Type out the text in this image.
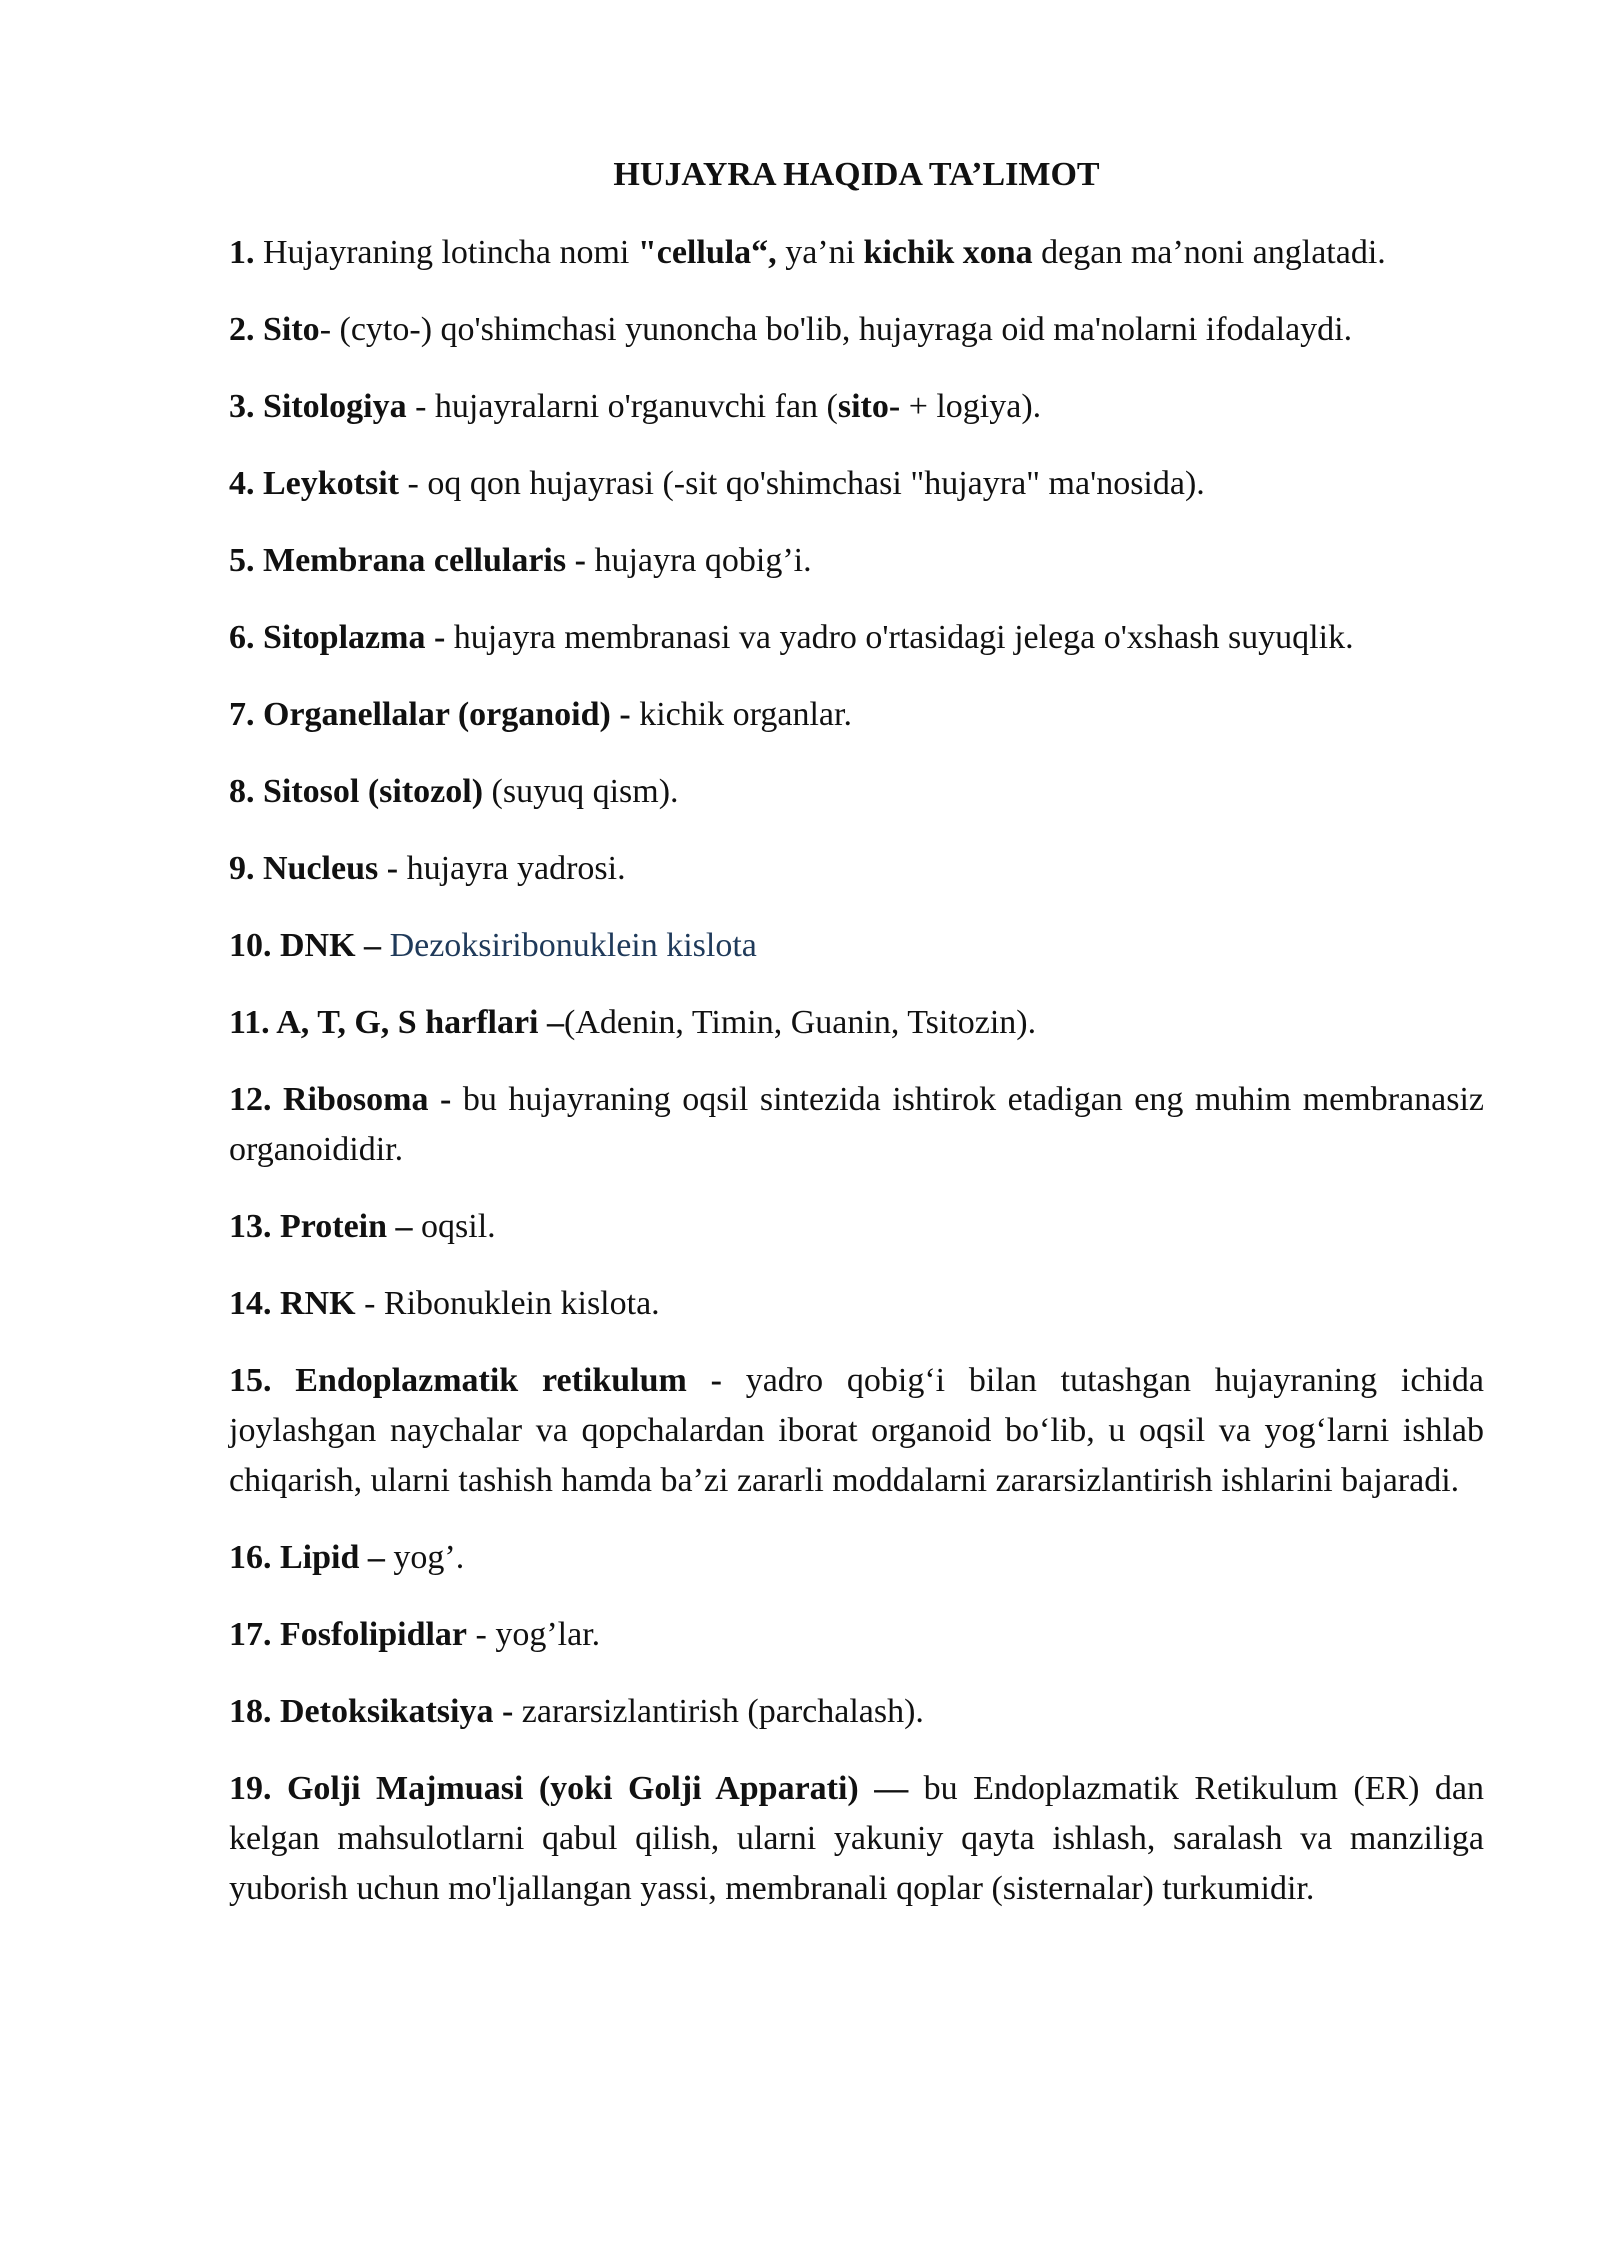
HUJAYRA HAQIDA TA’LIMOT

1. Hujayraning lotincha nomi "cellula“, ya’ni kichik xona degan ma’noni anglatadi.

2. Sito- (cyto-) qo'shimchasi yunoncha bo'lib, hujayraga oid ma'nolarni ifodalaydi.

3. Sitologiya - hujayralarni o'rganuvchi fan (sito- + logiya).

4. Leykotsit - oq qon hujayrasi (-sit qo'shimchasi "hujayra" ma'nosida).

5. Membrana cellularis - hujayra qobig’i.

6. Sitoplazma - hujayra membranasi va yadro o'rtasidagi jelega o'xshash suyuqlik.

7. Organellalar (organoid) - kichik organlar.

8. Sitosol (sitozol) (suyuq qism).

9. Nucleus - hujayra yadrosi.

10. DNK – Dezoksiribonuklein kislota

11. A, T, G, S harflari –(Adenin, Timin, Guanin, Tsitozin).

12. Ribosoma - bu hujayraning oqsil sintezida ishtirok etadigan eng muhim membranasiz organoididir.

13. Protein – oqsil.

14. RNK - Ribonuklein kislota.

15. Endoplazmatik retikulum - yadro qobig‘i bilan tutashgan hujayraning ichida joylashgan naychalar va qopchalardan iborat organoid bo‘lib, u oqsil va yog‘larni ishlab chiqarish, ularni tashish hamda ba’zi zararli moddalarni zararsizlantirish ishlarini bajaradi.

16. Lipid – yog’.

17. Fosfolipidlar - yog’lar.

18. Detoksikatsiya - zararsizlantirish (parchalash).

19. Golji Majmuasi (yoki Golji Apparati) — bu Endoplazmatik Retikulum (ER) dan kelgan mahsulotlarni qabul qilish, ularni yakuniy qayta ishlash, saralash va manziliga yuborish uchun mo'ljallangan yassi, membranali qoplar (sisternalar) turkumidir.
